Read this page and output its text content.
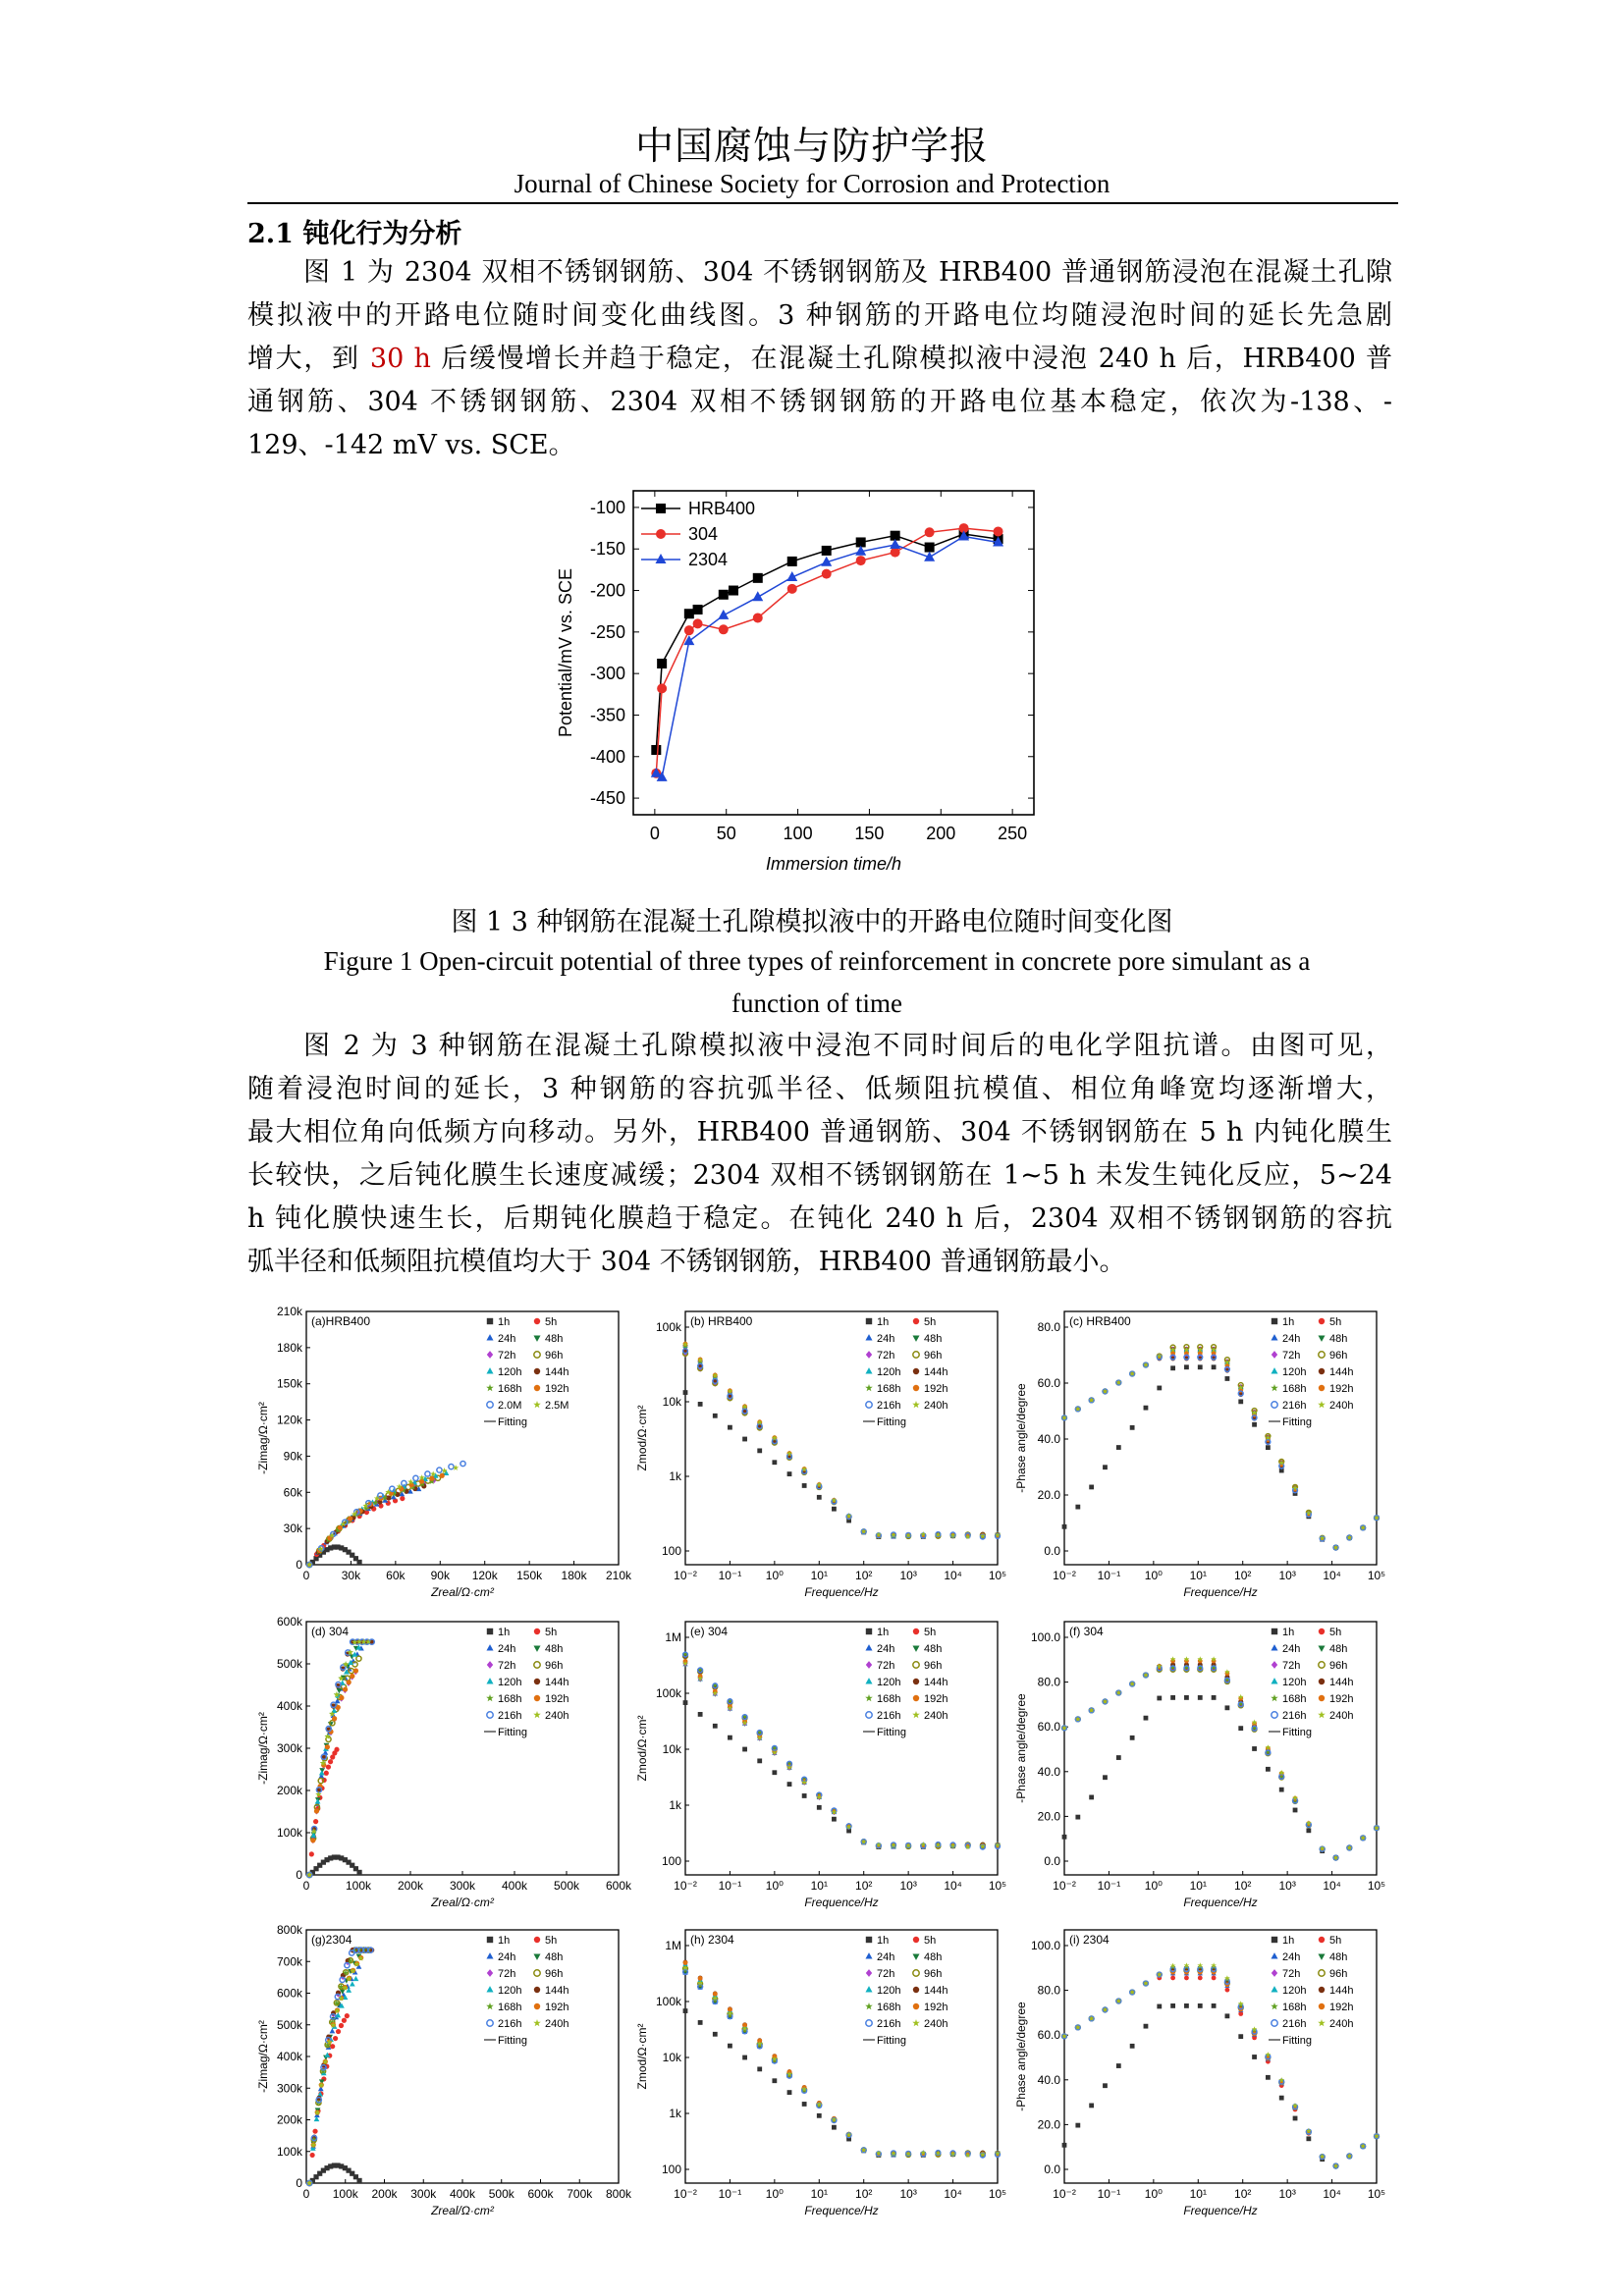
中国腐蚀与防护学报
Journal of Chinese Society for Corrosion and Protection
2.1 钝化行为分析
图 1 为 2304 双相不锈钢钢筋、304 不锈钢钢筋及 HRB400 普通钢筋浸泡在混凝土孔隙
模拟液中的开路电位随时间变化曲线图。3 种钢筋的开路电位均随浸泡时间的延长先急剧
增大，到 30 h 后缓慢增长并趋于稳定，在混凝土孔隙模拟液中浸泡 240 h 后，HRB400 普
通钢筋、304 不锈钢钢筋、2304 双相不锈钢钢筋的开路电位基本稳定，依次为-138、-
129、-142 mV vs. SCE。
-100
-150
-200
-250
-300
-350
-400
-450
0	50	100 150 200 250
Immersion time/h
Potential/mV vs. SCE
HRB400
304
2304
图 1 3 种钢筋在混凝土孔隙模拟液中的开路电位随时间变化图
Figure 1 Open-circuit potential of three types of reinforcement in concrete pore simulant as a
function of time
图 2 为 3 种钢筋在混凝土孔隙模拟液中浸泡不同时间后的电化学阻抗谱。由图可见，
随着浸泡时间的延长，3 种钢筋的容抗弧半径、低频阻抗模值、相位角峰宽均逐渐增大，
最大相位角向低频方向移动。另外，HRB400 普通钢筋、304 不锈钢钢筋在 5 h 内钝化膜生
长较快，之后钝化膜生长速度减缓；2304 双相不锈钢钢筋在 1~5 h 未发生钝化反应，5~24
h 钝化膜快速生长，后期钝化膜趋于稳定。在钝化 240 h 后，2304 双相不锈钢钢筋的容抗
弧半径和低频阻抗模值均大于 304 不锈钢钢筋，HRB400 普通钢筋最小。
(a)HRB400
0	30k 60k 90k 120k 150k 180k 210k
0
30k
60k
90k
120k
150k
180k
210k
Zreal/Ω·cm²
-Zimag/Ω·cm²
1h	5h
24h	48h
72h	96h
120h 144h
168h 192h
2.0M 2.5M
Fitting
(b) HRB400
10⁻² 10⁻¹ 10⁰ 10¹ 10² 10³ 10⁴ 10⁵
100k
10k
1k
100
Frequence/Hz
Zmod/Ω·cm²
1h	5h
24h	48h
72h	96h
120h 144h
168h 192h
216h 240h
Fitting
(c) HRB400
10⁻² 10⁻¹ 10⁰ 10¹ 10² 10³ 10⁴ 10⁵
80.0
60.0
40.0
20.0
0.0
Frequence/Hz
-Phase angle/degree
1h	5h
24h	48h
72h	96h
120h 144h
168h 192h
216h 240h
Fitting
(d) 304
0	100k 200k 300k 400k 500k 600k
0
100k
200k
300k
400k
500k
600k
Zreal/Ω·cm²
-Zimag/Ω·cm²
1h	5h
24h	48h
72h	96h
120h 144h
168h 192h
216h 240h
Fitting
(e) 304
10⁻² 10⁻¹ 10⁰ 10¹ 10² 10³ 10⁴ 10⁵
1M
100k
10k
1k
100
Frequence/Hz
Zmod/Ω·cm²
1h	5h
24h	48h
72h	96h
120h 144h
168h 192h
216h 240h
Fitting
(f) 304
10⁻² 10⁻¹ 10⁰ 10¹ 10² 10³ 10⁴ 10⁵
100.0
80.0
60.0
40.0
20.0
0.0
Frequence/Hz
-Phase angle/degree
1h	5h
24h	48h
72h	96h
120h 144h
168h 192h
216h 240h
Fitting
(g)2304
0 100k 200k 300k 400k 500k 600k 700k 800k
0
100k
200k
300k
400k
500k
600k
700k
800k
Zreal/Ω·cm²
-Zimag/Ω·cm²
1h	5h
24h	48h
72h	96h
120h 144h
168h 192h
216h 240h
Fitting
(h) 2304
10⁻² 10⁻¹ 10⁰ 10¹ 10² 10³ 10⁴ 10⁵
1M
100k
10k
1k
100
Frequence/Hz
Zmod/Ω·cm²
1h	5h
24h	48h
72h	96h
120h 144h
168h 192h
216h 240h
Fitting
(i) 2304
10⁻² 10⁻¹ 10⁰ 10¹ 10² 10³ 10⁴ 10⁵
100.0
80.0
60.0
40.0
20.0
0.0
Frequence/Hz
-Phase angle/degree
1h	5h
24h	48h
72h	96h
120h 144h
168h 192h
216h 240h
Fitting
